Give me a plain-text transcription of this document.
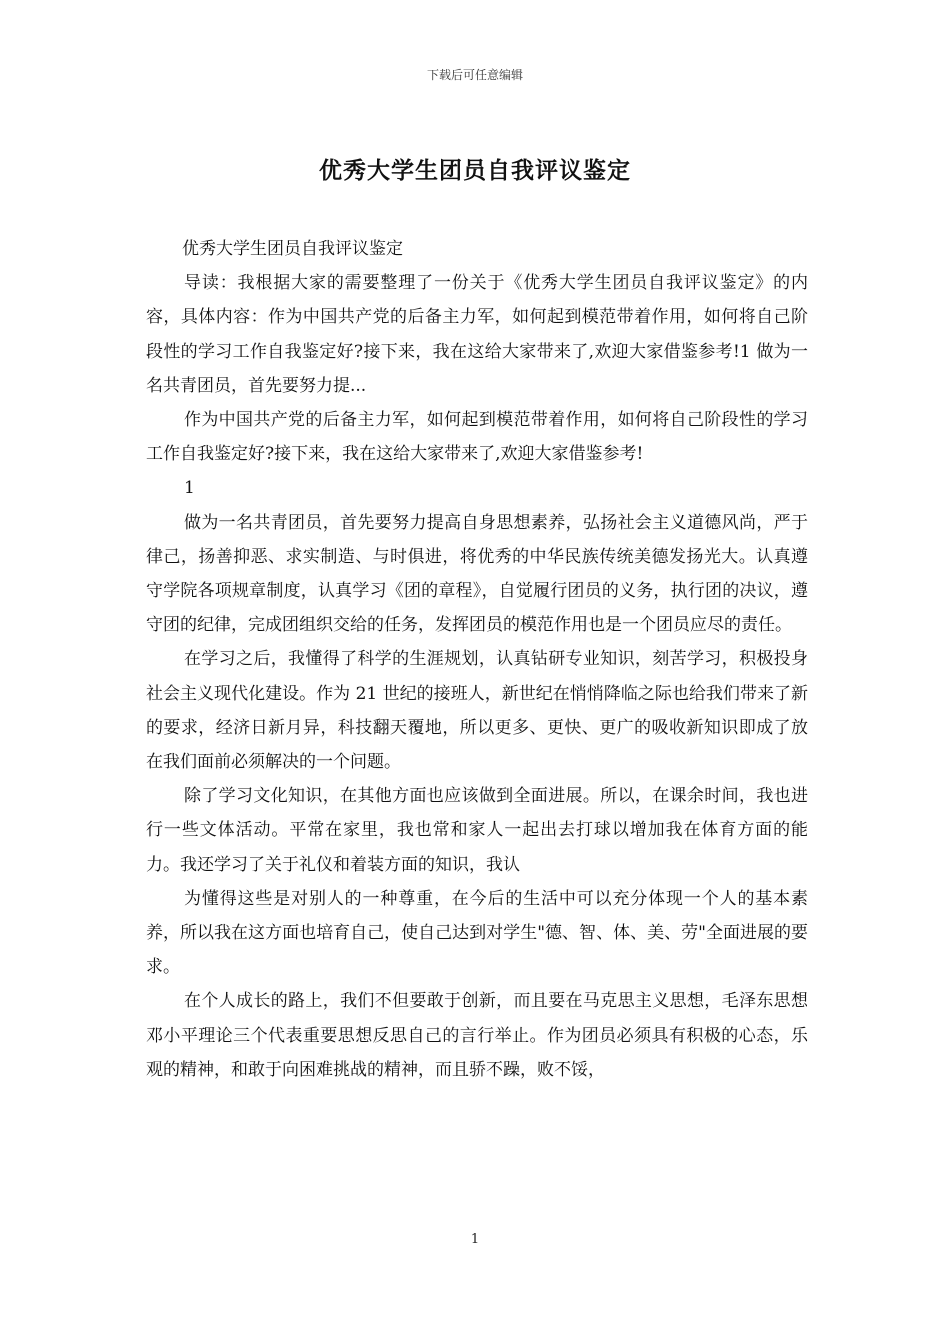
下载后可任意编辑
优秀大学生团员自我评议鉴定

优秀大学生团员自我评议鉴定

导读：我根据大家的需要整理了一份关于《优秀大学生团员自我评议鉴定》的内容，具体内容：作为中国共产党的后备主力军，如何起到模范带着作用，如何将自己阶段性的学习工作自我鉴定好?接下来，我在这给大家带来了,欢迎大家借鉴参考!1 做为一名共青团员，首先要努力提...

作为中国共产党的后备主力军，如何起到模范带着作用，如何将自己阶段性的学习工作自我鉴定好?接下来，我在这给大家带来了,欢迎大家借鉴参考!

1

做为一名共青团员，首先要努力提高自身思想素养，弘扬社会主义道德风尚，严于律己，扬善抑恶、求实制造、与时俱进，将优秀的中华民族传统美德发扬光大。认真遵守学院各项规章制度，认真学习《团的章程》，自觉履行团员的义务，执行团的决议，遵守团的纪律，完成团组织交给的任务，发挥团员的模范作用也是一个团员应尽的责任。

在学习之后，我懂得了科学的生涯规划，认真钻研专业知识，刻苦学习，积极投身社会主义现代化建设。作为 21 世纪的接班人，新世纪在悄悄降临之际也给我们带来了新的要求，经济日新月异，科技翻天覆地，所以更多、更快、更广的吸收新知识即成了放在我们面前必须解决的一个问题。

除了学习文化知识，在其他方面也应该做到全面进展。所以，在课余时间，我也进行一些文体活动。平常在家里，我也常和家人一起出去打球以增加我在体育方面的能力。我还学习了关于礼仪和着装方面的知识，我认

为懂得这些是对别人的一种尊重，在今后的生活中可以充分体现一个人的基本素养，所以我在这方面也培育自己，使自己达到对学生"德、智、体、美、劳"全面进展的要求。

在个人成长的路上，我们不但要敢于创新，而且要在马克思主义思想，毛泽东思想邓小平理论三个代表重要思想反思自己的言行举止。作为团员必须具有积极的心态，乐观的精神，和敢于向困难挑战的精神，而且骄不躁，败不馁，

1
